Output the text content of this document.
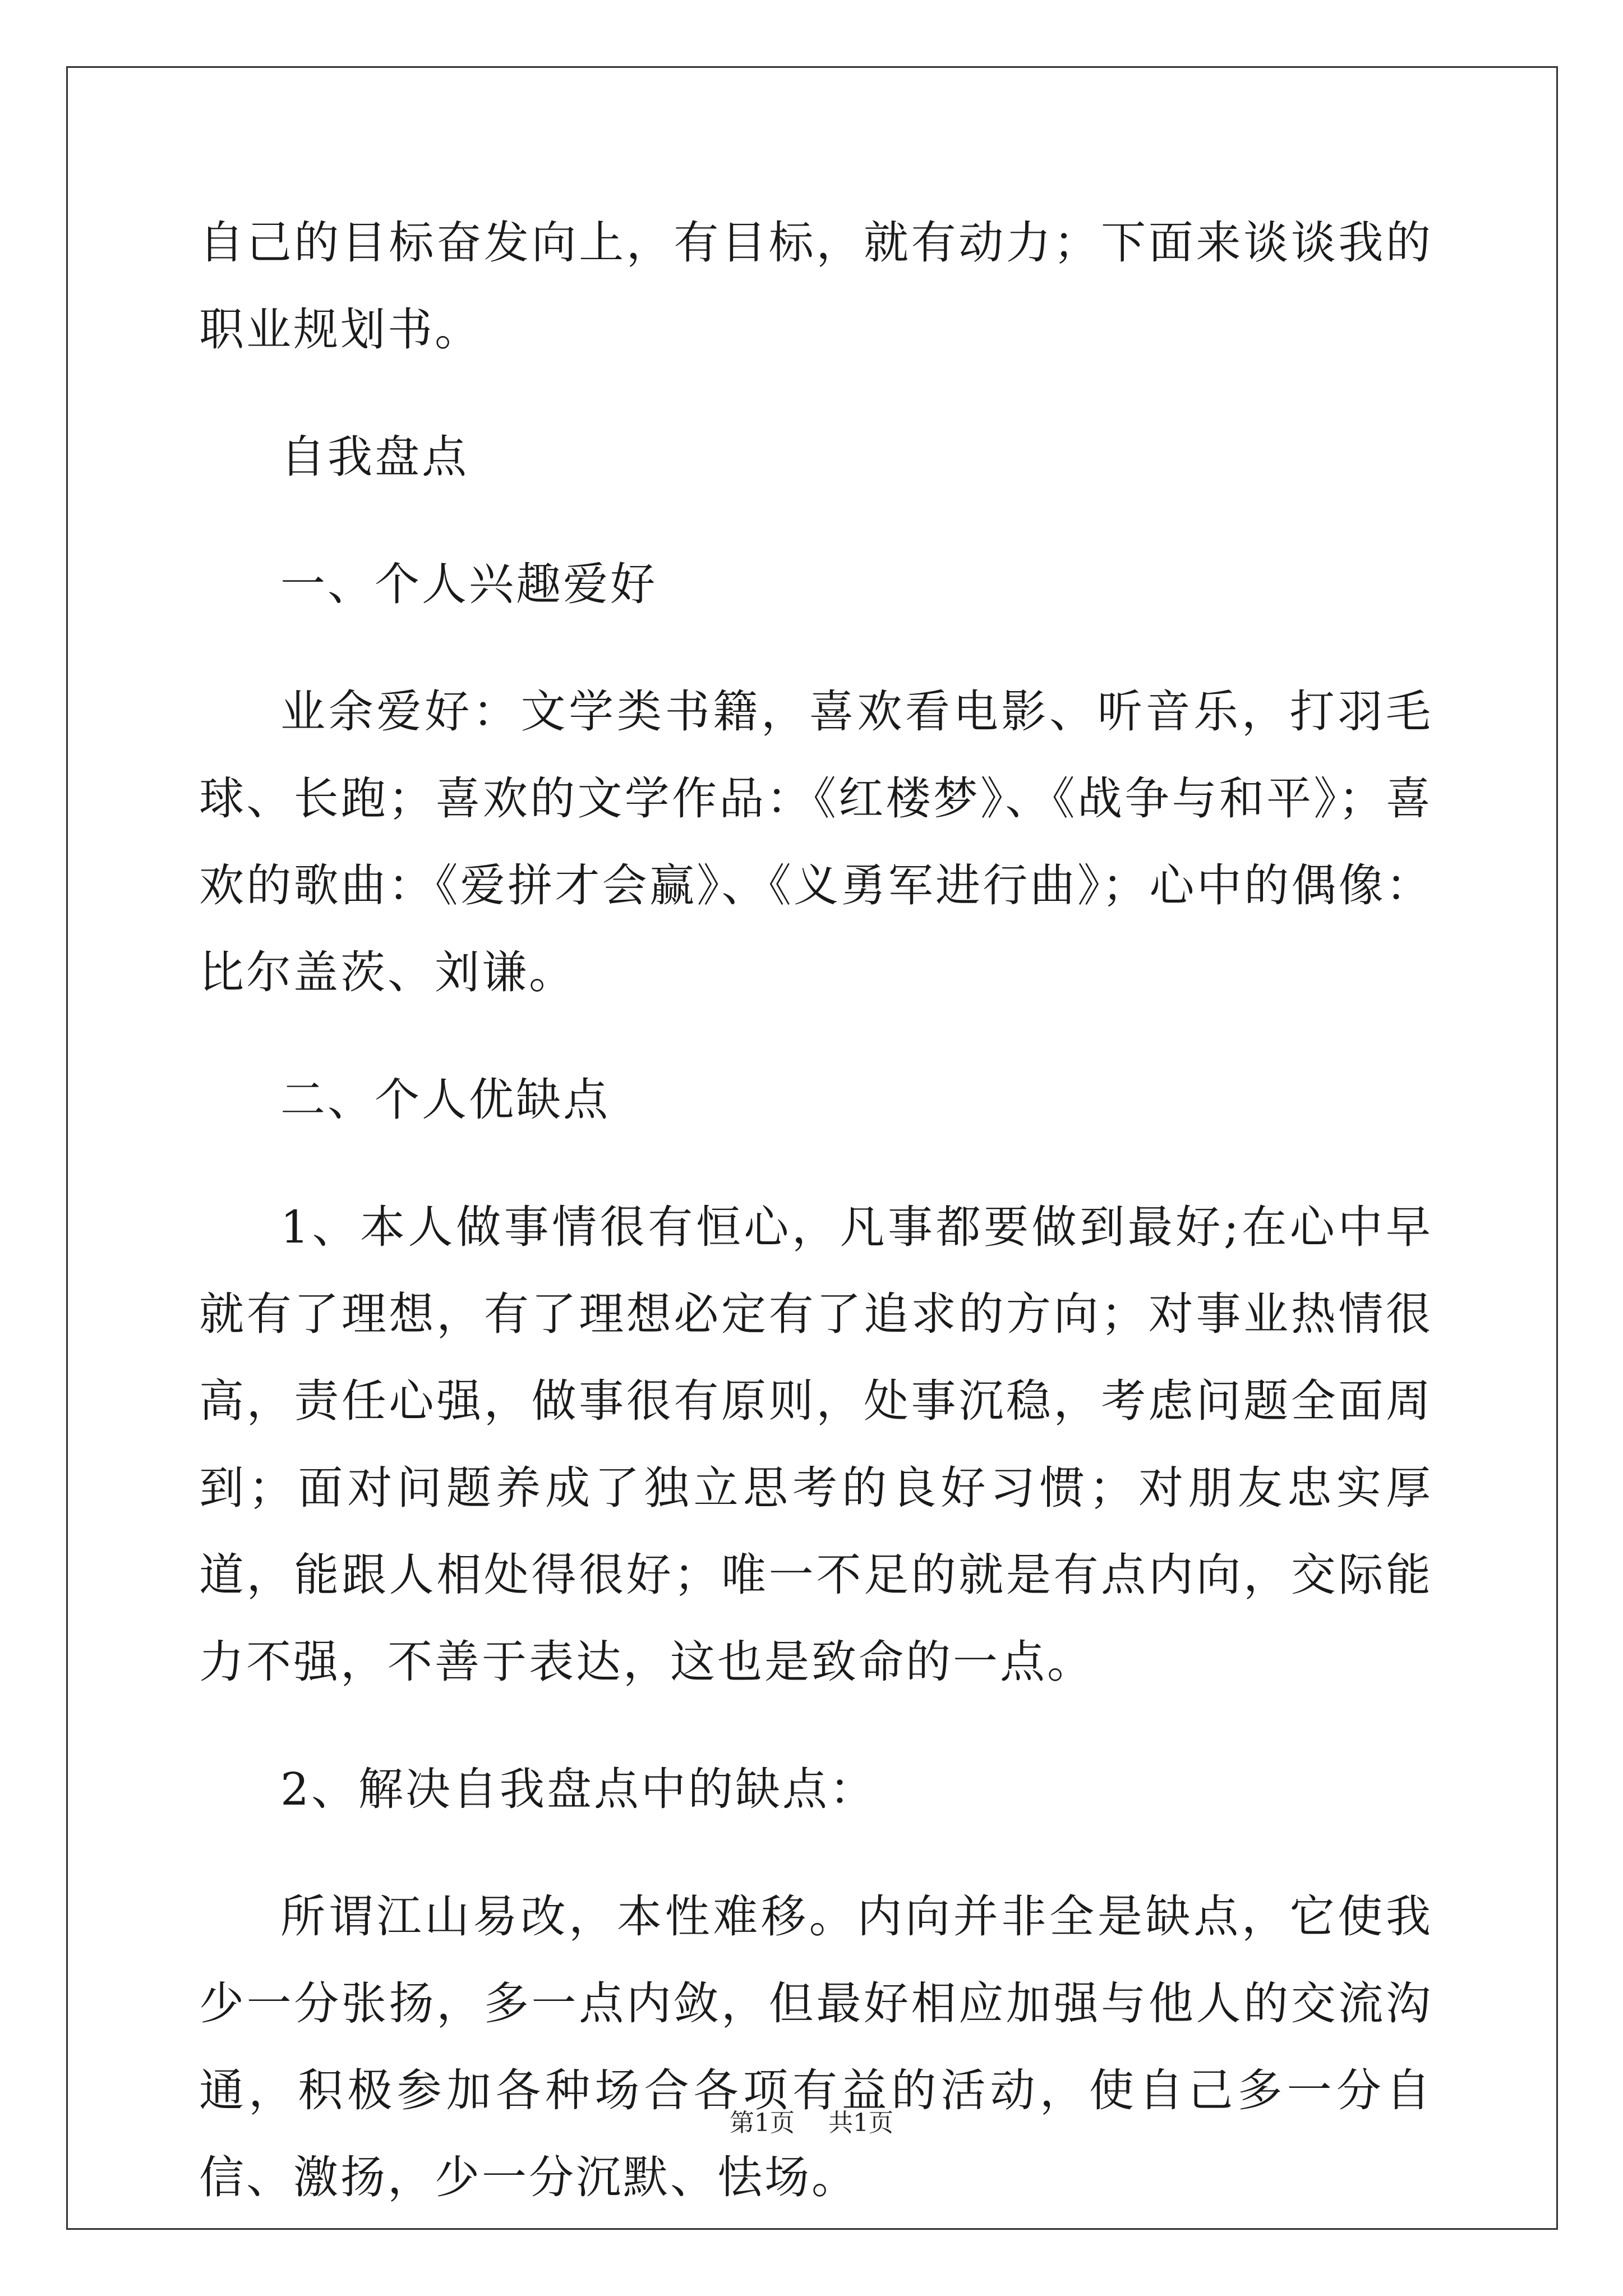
自己的目标奋发向上，有目标，就有动力；下面来谈谈我的职业规划书。

自我盘点

一、个人兴趣爱好

业余爱好：文学类书籍，喜欢看电影、听音乐，打羽毛球、长跑；喜欢的文学作品：《红楼梦》、《战争与和平》；喜欢的歌曲：《爱拼才会赢》、《义勇军进行曲》；心中的偶像：比尔盖茨、刘谦。

二、个人优缺点

1、本人做事情很有恒心，凡事都要做到最好;在心中早就有了理想，有了理想必定有了追求的方向；对事业热情很高，责任心强，做事很有原则，处事沉稳，考虑问题全面周到；面对问题养成了独立思考的良好习惯；对朋友忠实厚道，能跟人相处得很好；唯一不足的就是有点内向，交际能力不强，不善于表达，这也是致命的一点。

2、解决自我盘点中的缺点：

所谓江山易改，本性难移。内向并非全是缺点，它使我少一分张扬，多一点内敛，但最好相应加强与他人的交流沟通，积极参加各种场合各项有益的活动，使自己多一分自信、激扬，少一分沉默、怯场。

第1页 共1页
